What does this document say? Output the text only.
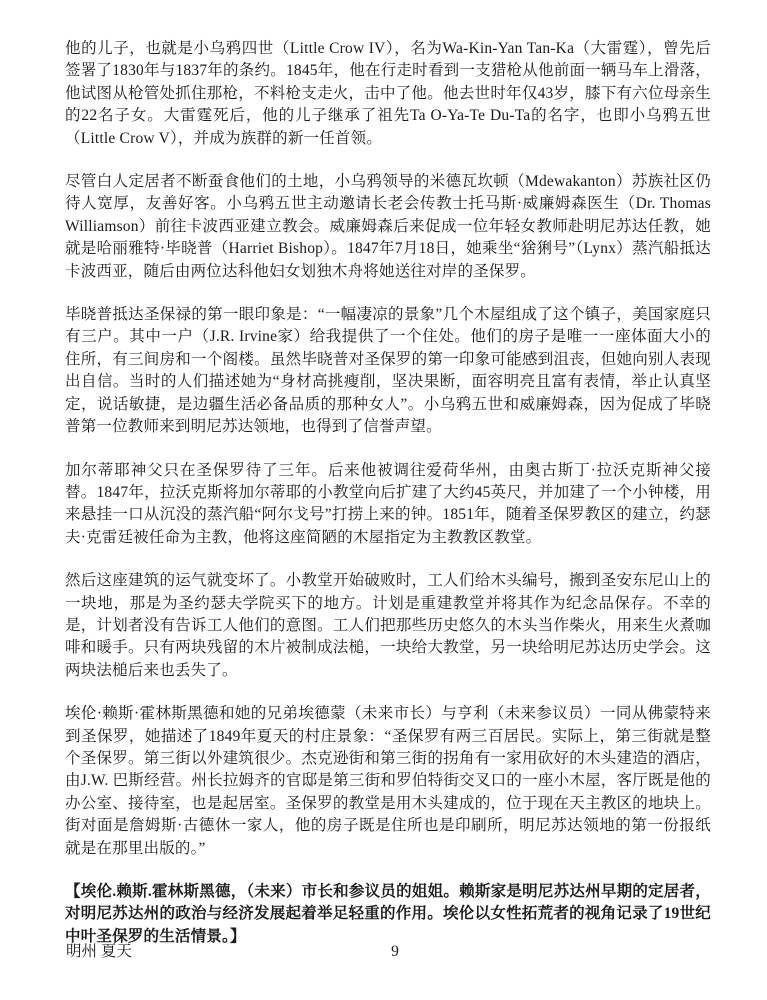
他的儿子，也就是小乌鸦四世（Little Crow IV），名为Wa-Kin-Yan Tan-Ka（大雷霆），曾先后签署了1830年与1837年的条约。1845年，他在行走时看到一支猎枪从他前面一辆马车上滑落，他试图从枪管处抓住那枪，不料枪支走火，击中了他。他去世时年仅43岁，膝下有六位母亲生的22名子女。大雷霆死后，他的儿子继承了祖先Ta O-Ya-Te Du-Ta的名字，也即小乌鸦五世（Little Crow V），并成为族群的新一任首领。

尽管白人定居者不断蚕食他们的土地，小乌鸦领导的米德瓦坎顿（Mdewakanton）苏族社区仍待人宽厚，友善好客。小乌鸦五世主动邀请长老会传教士托马斯·威廉姆森医生（Dr. Thomas Williamson）前往卡波西亚建立教会。威廉姆森后来促成一位年轻女教师赴明尼苏达任教，她就是哈丽雅特·毕晓普（Harriet Bishop）。1847年7月18日，她乘坐“猞猁号”（Lynx）蒸汽船抵达卡波西亚，随后由两位达科他妇女划独木舟将她送往对岸的圣保罗。

毕晓普抵达圣保禄的第一眼印象是：“一幅凄凉的景象”几个木屋组成了这个镇子，美国家庭只有三户。其中一户（J.R. Irvine家）给我提供了一个住处。他们的房子是唯一一座体面大小的住所，有三间房和一个阁楼。虽然毕晓普对圣保罗的第一印象可能感到沮丧，但她向别人表现出自信。当时的人们描述她为“身材高挑瘦削，坚决果断，面容明亮且富有表情，举止认真坚定，说话敏捷，是边疆生活必备品质的那种女人”。小乌鸦五世和威廉姆森，因为促成了毕晓普第一位教师来到明尼苏达领地，也得到了信誉声望。

加尔蒂耶神父只在圣保罗待了三年。后来他被调往爱荷华州，由奥古斯丁·拉沃克斯神父接替。1847年，拉沃克斯将加尔蒂耶的小教堂向后扩建了大约45英尺，并加建了一个小钟楼，用来悬挂一口从沉没的蒸汽船“阿尔戈号”打捞上来的钟。1851年，随着圣保罗教区的建立，约瑟夫·克雷廷被任命为主教，他将这座简陋的木屋指定为主教教区教堂。

然后这座建筑的运气就变坏了。小教堂开始破败时，工人们给木头编号，搬到圣安东尼山上的一块地，那是为圣约瑟夫学院买下的地方。计划是重建教堂并将其作为纪念品保存。不幸的是，计划者没有告诉工人他们的意图。工人们把那些历史悠久的木头当作柴火，用来生火煮咖啡和暖手。只有两块残留的木片被制成法槌，一块给大教堂，另一块给明尼苏达历史学会。这两块法槌后来也丢失了。

埃伦·赖斯·霍林斯黑德和她的兄弟埃德蒙（未来市长）与亨利（未来参议员）一同从佛蒙特来到圣保罗，她描述了1849年夏天的村庄景象：“圣保罗有两三百居民。实际上，第三街就是整个圣保罗。第三街以外建筑很少。杰克逊街和第三街的拐角有一家用砍好的木头建造的酒店，由J.W. 巴斯经营。州长拉姆齐的官邸是第三街和罗伯特街交叉口的一座小木屋，客厅既是他的办公室、接待室，也是起居室。圣保罗的教堂是用木头建成的，位于现在天主教区的地块上。街对面是詹姆斯·古德休一家人，他的房子既是住所也是印刷所，明尼苏达领地的第一份报纸就是在那里出版的。”

【埃伦.赖斯.霍林斯黑德，（未来）市长和参议员的姐姐。赖斯家是明尼苏达州早期的定居者，对明尼苏达州的政治与经济发展起着举足轻重的作用。埃伦以女性拓荒者的视角记录了19世纪中叶圣保罗的生活情景。】

9
明州 夏天
